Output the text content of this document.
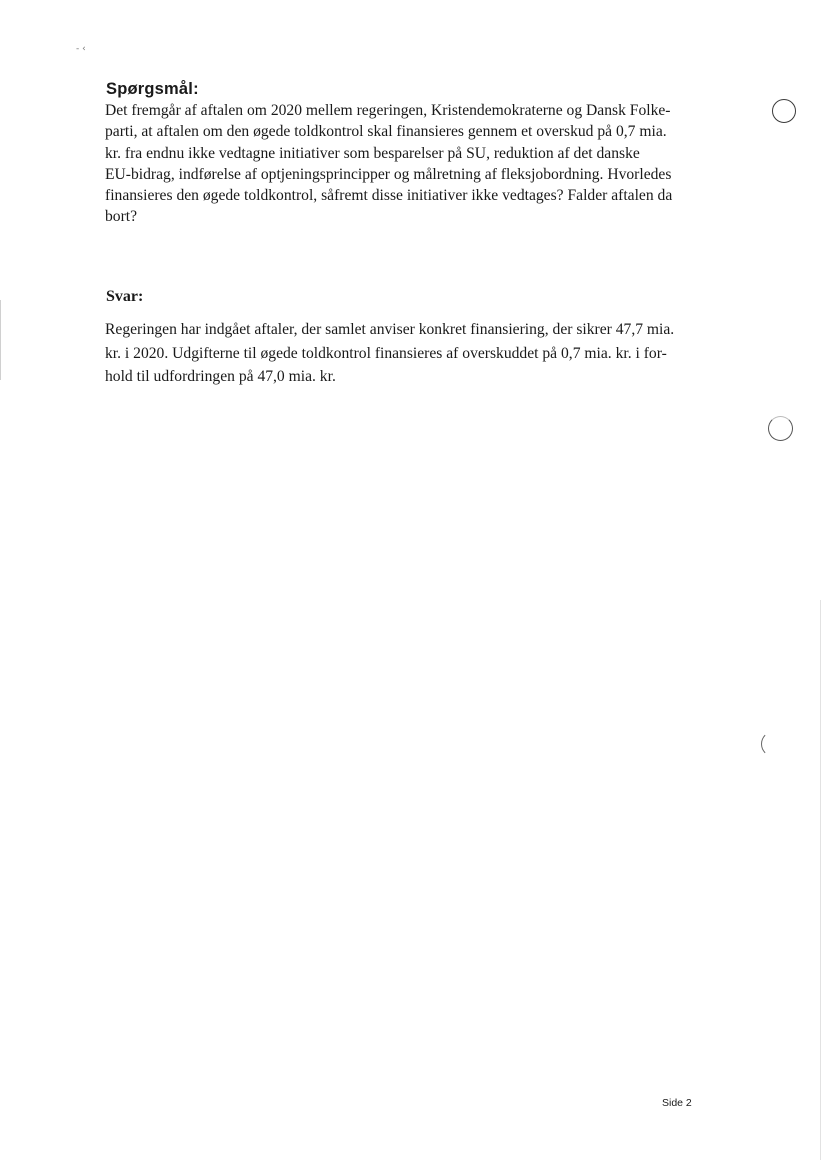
- ‹
Spørgsmål:

Det fremgår af aftalen om 2020 mellem regeringen, Kristendemokraterne og Dansk Folke-
parti, at aftalen om den øgede toldkontrol skal finansieres gennem et overskud på 0,7 mia.
kr. fra endnu ikke vedtagne initiativer som besparelser på SU, reduktion af det danske
EU-bidrag, indførelse af optjeningsprincipper og målretning af fleksjobordning. Hvorledes
finansieres den øgede toldkontrol, såfremt disse initiativer ikke vedtages? Falder aftalen da
bort?

Svar:

Regeringen har indgået aftaler, der samlet anviser konkret finansiering, der sikrer 47,7 mia.
kr. i 2020. Udgifterne til øgede toldkontrol finansieres af overskuddet på 0,7 mia. kr. i for-
hold til udfordringen på 47,0 mia. kr.

Side 2
